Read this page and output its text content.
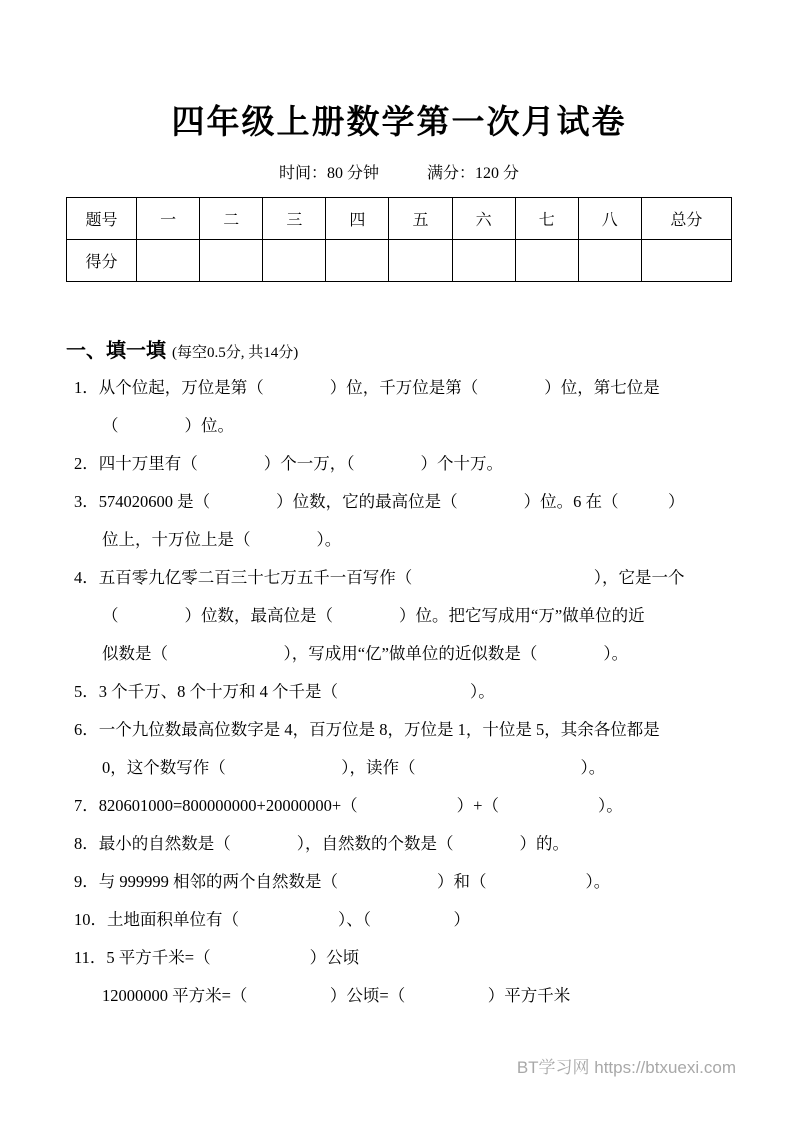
四年级上册数学第一次月试卷
时间：80 分钟	满分：120 分
题号	一	二	三	四	五	六	七	八	总分
得分									
一、填一填 (每空0.5分, 共14分)
1．从个位起，万位是第（　　　　）位，千万位是第（　　　　）位，第七位是
（　　　　）位。
2．四十万里有（　　　　）个一万，（　　　　）个十万。
3．574020600 是（　　　　）位数，它的最高位是（　　　　）位。6 在（　　　）
位上，十万位上是（　　　　）。
4．五百零九亿零二百三十七万五千一百写作（　　　　　　　　　　　），它是一个
（　　　　）位数，最高位是（　　　　）位。把它写成用“万”做单位的近
似数是（　　　　　　　），写成用“亿”做单位的近似数是（　　　　）。
5．3 个千万、8 个十万和 4 个千是（　　　　　　　　）。
6．一个九位数最高位数字是 4，百万位是 8，万位是 1，十位是 5，其余各位都是
0，这个数写作（　　　　　　　），读作（　　　　　　　　　　）。
7．820601000=800000000+20000000+（　　　　　　）+（　　　　　　）。
8．最小的自然数是（　　　　），自然数的个数是（　　　　）的。
9．与 999999 相邻的两个自然数是（　　　　　　）和（　　　　　　）。
10．土地面积单位有（　　　　　　）、（　　　　　）
11．5 平方千米=（　　　　　　）公顷
12000000 平方米=（　　　　　）公顷=（　　　　　）平方千米
BT学习网 https://btxuexi.com
